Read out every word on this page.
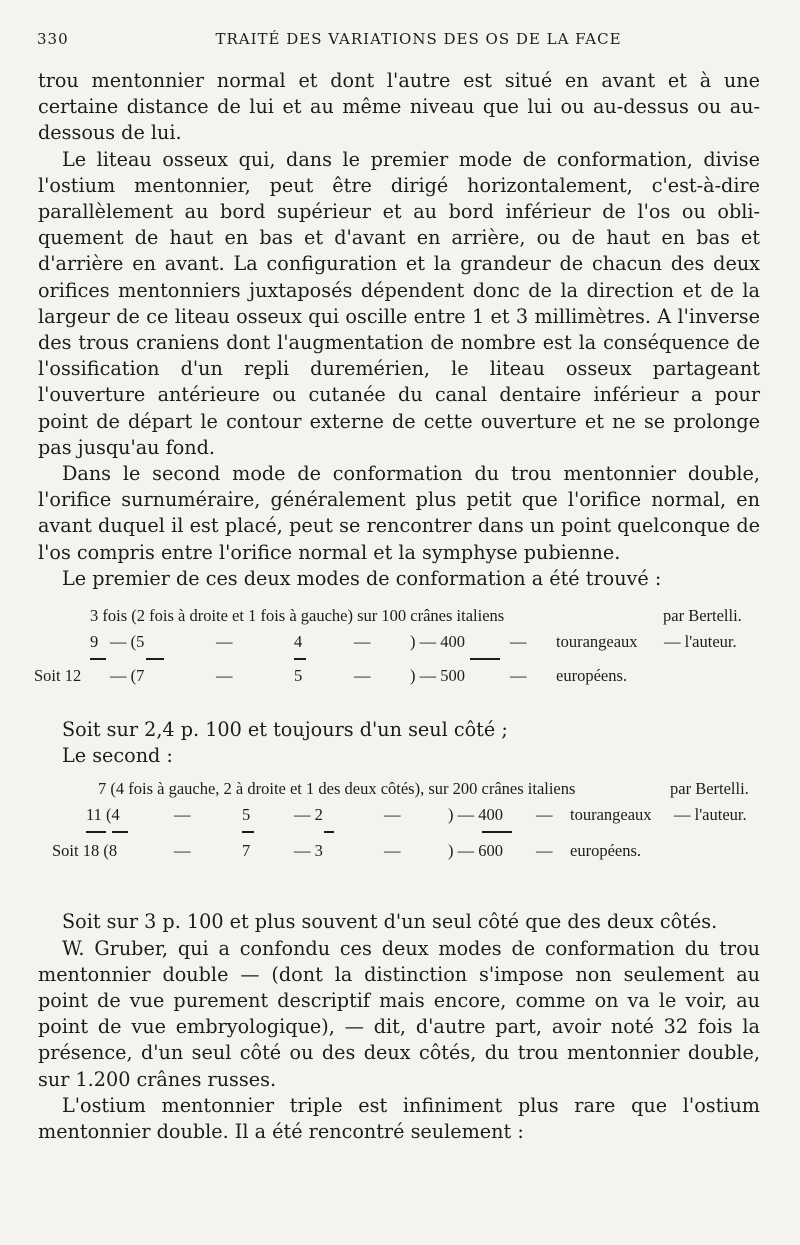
330	TRAITÉ DES VARIATIONS DES OS DE LA FACE

trou mentonnier normal et dont l'autre est situé en avant et à une certaine distance de lui et au même niveau que lui ou au-dessus ou au-dessous de lui.

Le liteau osseux qui, dans le premier mode de conformation, divise l'ostium mentonnier, peut être dirigé horizontalement, c'est-à-dire parallèlement au bord supérieur et au bord inférieur de l'os ou obliquement de haut en bas et d'avant en arrière, ou de haut en bas et d'arrière en avant. La configuration et la grandeur de chacun des deux orifices mentonniers juxtaposés dépendent donc de la direction et de la largeur de ce liteau osseux qui oscille entre 1 et 3 millimètres. A l'inverse des trous craniens dont l'augmentation de nombre est la conséquence de l'ossification d'un repli duremérien, le liteau osseux partageant l'ouverture antérieure ou cutanée du canal dentaire inférieur a pour point de départ le contour externe de cette ouverture et ne se prolonge pas jusqu'au fond.

Dans le second mode de conformation du trou mentonnier double, l'orifice surnuméraire, généralement plus petit que l'orifice normal, en avant duquel il est placé, peut se rencontrer dans un point quelconque de l'os compris entre l'orifice normal et la symphyse pubienne.

Le premier de ces deux modes de conformation a été trouvé :

3 fois (2 fois à droite et 1 fois à gauche) sur 100 crânes italiens	par Bertelli.
9 — (5	—	4	— ) — 400	— tourangeaux — l'auteur.
Soit 12 — (7	—	5	— ) — 500	— européens.

Soit sur 2,4 p. 100 et toujours d'un seul côté ;

Le second :

7 (4 fois à gauche, 2 à droite et 1 des deux côtés), sur 200 crânes italiens	par Bertelli.
11 (4	—	5	— 2	—	) — 400 — tourangeaux — l'auteur.
Soit 18 (8	—	7	— 3	—	) — 600 — européens.

Soit sur 3 p. 100 et plus souvent d'un seul côté que des deux côtés.

W. Gruber, qui a confondu ces deux modes de conformation du trou mentonnier double — (dont la distinction s'impose non seulement au point de vue purement descriptif mais encore, comme on va le voir, au point de vue embryologique), — dit, d'autre part, avoir noté 32 fois la présence, d'un seul côté ou des deux côtés, du trou mentonnier double, sur 1.200 crânes russes.

L'ostium mentonnier triple est infiniment plus rare que l'ostium mentonnier double. Il a été rencontré seulement :
